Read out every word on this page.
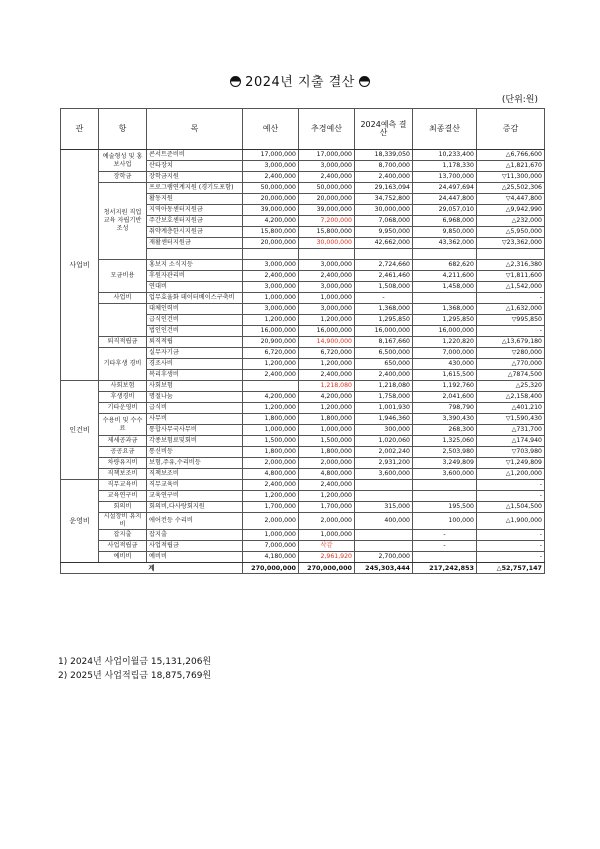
2024년 지출 결산
(단위:원)
관	항	목	예산	추경예산	2024예측 결산	최종결산	증감
사업비	예술형성 및 홍보사업	콘서트준비비	17,000,000	17,000,000	18,339,050	10,233,400	△6,766,600
		산타장치	3,000,000	3,000,000	8,700,000	1,178,330	△1,821,670
	장학금	장학금지원	2,400,000	2,400,000	2,400,000	13,700,000	▽11,300,000
	청서지원 직업교육 자립기반조성	프로그램연계지원 (경기도포함)	50,000,000	50,000,000	29,163,094	24,497,694	△25,502,306
		활동지원	20,000,000	20,000,000	34,752,800	24,447,800	▽4,447,800
		지역아동센터지원금	39,000,000	39,000,000	30,000,000	29,057,010	△9,942,990
		주간보호센터지원금	4,200,000	7,200,000	7,068,000	6,968,000	△232,000
		취약계층한시지원금	15,800,000	15,800,000	9,950,000	9,850,000	△5,950,000
		재활센터지원금	20,000,000	30,000,000	42,662,000	43,362,000	▽23,362,000

	모금비용	홍보지 소식지등	3,000,000	3,000,000	2,724,660	682,620	△2,316,380
		후원자관리비	2,400,000	2,400,000	2,461,460	4,211,600	▽1,811,600
		연대비	3,000,000	3,000,000	1,508,000	1,458,000	△1,542,000
	사업비	업무효율화 데이터베이스구축비	1,000,000	1,000,000	-		-
		대체인력비	3,000,000	3,000,000	1,368,000	1,368,000	△1,632,000
		급식인건비	1,200,000	1,200,000	1,295,850	1,295,850	▽995,850
		법인인건비	16,000,000	16,000,000	16,000,000	16,000,000	-
	퇴직적립금	퇴직적립	20,900,000	14,900,000	8,167,660	1,220,820	△13,679,180
	기타후생 경비	실무자기금	6,720,000	6,720,000	6,500,000	7,000,000	▽280,000
		경조사비	1,200,000	1,200,000	650,000	430,000	△770,000
		복리후생비	2,400,000	2,400,000	2,400,000	1,615,500	△7874,500
인건비	사회보험	사회보험		1,218,080	1,218,080	1,192,760	△25,320
	후생경비	명절나눔	4,200,000	4,200,000	1,758,000	2,041,600	△2,158,400
	기타운영비	급식비	1,200,000	1,200,000	1,001,930	798,790	△401,210
	수용비 및 수수료	사무비	1,800,000	1,800,000	1,946,360	3,390,430	▽1,590,430
		통합사무국사무비	1,000,000	1,000,000	300,000	268,300	△731,700
	제세공과금	각종보험료및회비	1,500,000	1,500,000	1,020,060	1,325,060	△174,940
	공공요금	통신비등	1,800,000	1,800,000	2,002,240	2,503,980	▽703,980
	차량유지비	보험,주유,수리비등	2,000,000	2,000,000	2,931,200	3,249,809	▽1,249,809
	직책보조비	직책보조비	4,800,000	4,800,000	3,600,000	3,600,000	△1,200,000
운영비	직무교육비	직무교육비	2,400,000	2,400,000			-
	교육연구비	교육연구비	1,200,000	1,200,000			-
	회의비	회의비,다사랑회지원	1,700,000	1,700,000	315,000	195,500	△1,504,500
	시설장비 유지비	에어컨등 수리비	2,000,000	2,000,000	400,000	100,000	△1,900,000
	잡지출	잡지출	1,000,000	1,000,000		-	-
	사업적립금	사업적립금	7,000,000	삭감		-	-
	예비비	예비비	4,180,000	2,961,920	2,700,000		-
계			270,000,000	270,000,000	245,303,444	217,242,853	△52,757,147
1) 2024년 사업이월금 15,131,206원
2) 2025년 사업적립금 18,875,769원
